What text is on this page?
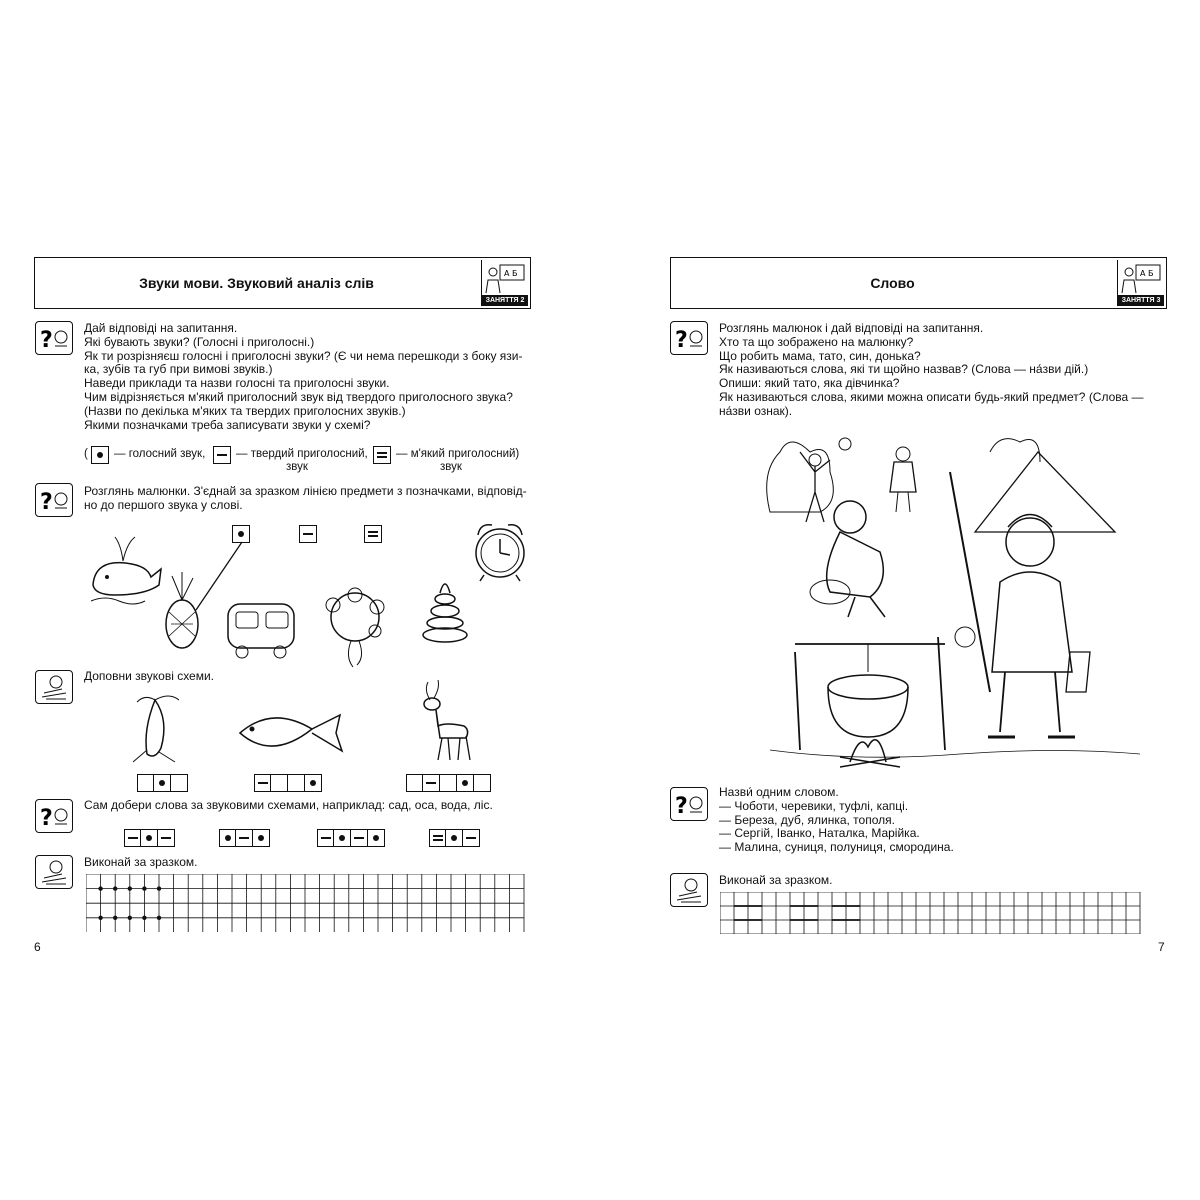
Звуки мови. Звуковий аналіз слів
A Б
ЗАНЯТТЯ 2
?	Дай відповіді на запитання.
Які бувають звуки? (Голосні і приголосні.)
Як ти розрізняєш голосні і приголосні звуки? (Є чи нема перешкоди з боку язи-
ка, зубів та губ при вимові звуків.)
Наведи приклади та назви голосні та приголосні звуки.
Чим відрізняється м'який приголосний звук від твердого приголосного звука?
(Назви по декілька м'яких та твердих приголосних звуків.)
Якими позначками треба записувати звуки у схемі?
( — голосний звук,	— твердий приголосний,
звук
— м'який приголосний)
звук
?	Розглянь малюнки. З'єднай за зразком лінією предмети з позначками, відповід-
но до першого звука у слові.
Доповни звукові схеми.
?
Сам добери слова за звуковими схемами, наприклад: сад, оса, вода, ліс.
Виконай за зразком.
6
Слово
A Б
ЗАНЯТТЯ 3
?	Розглянь малюнок і дай відповіді на запитання.
Хто та що зображено на малюнку?
Що робить мама, тато, син, донька?
Як називаються слова, які ти щойно назвав? (Слова — на́зви дій.)
Опиши: який тато, яка дівчинка?
Як називаються слова, якими можна описати будь-який предмет? (Слова —
на́зви ознак).
?
Назви́ одним словом.
— Чоботи, черевики, туфлі, капці.
— Береза, дуб, ялинка, тополя.
— Сергій, Іванко, Наталка, Марійка.
— Малина, суниця, полуниця, смородина.
Виконай за зразком.
7
